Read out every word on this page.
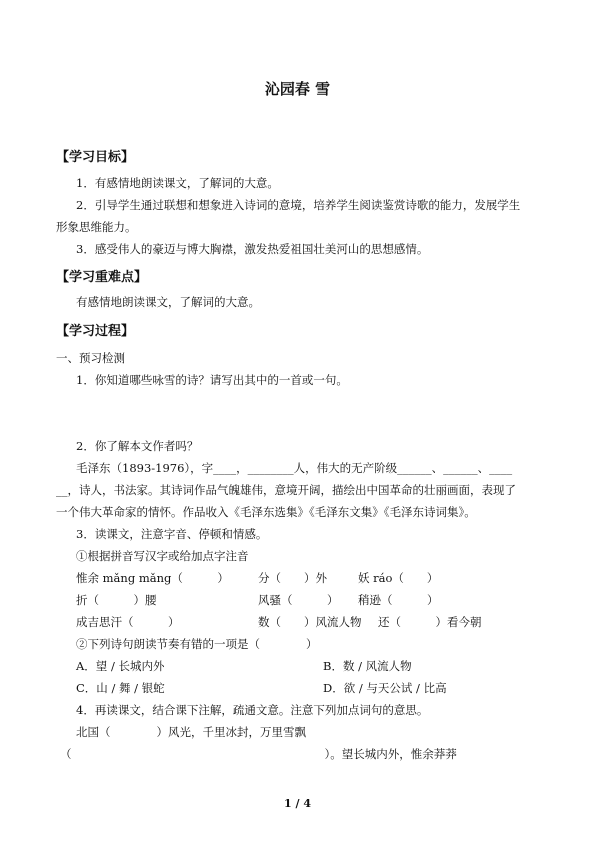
沁园春 雪
【学习目标】
1．有感情地朗读课文，了解词的大意。
2．引导学生通过联想和想象进入诗词的意境，培养学生阅读鉴赏诗歌的能力，发展学生
形象思维能力。
3．感受伟人的豪迈与博大胸襟，激发热爱祖国壮美河山的思想感情。
【学习重难点】
有感情地朗读课文，了解词的大意。
【学习过程】
一、预习检测
1．你知道哪些咏雪的诗？请写出其中的一首或一句。
2．你了解本文作者吗？
毛泽东（1893-1976），字____，________人，伟大的无产阶级______、______、____
__，诗人，书法家。其诗词作品气魄雄伟，意境开阔，描绘出中国革命的壮丽画面，表现了
一个伟大革命家的情怀。作品收入《毛泽东选集》《毛泽东文集》《毛泽东诗词集》。
3．读课文，注意字音、停顿和情感。
①根据拼音写汉字或给加点字注音
惟余 mǎng mǎng（　　　）	分（　　）外	妖 ráo（　　）
折（　　　）腰	风骚（　　　） 稍逊（　　　）
成吉思汗（　　　）	数（　　）风流人物 还（　　　）看今朝
②下列诗句朗读节奏有错的一项是（　　　　）
A．望 / 长城内外	B．数 / 风流人物
C．山 / 舞 / 银蛇	D．欲 / 与天公试 / 比高
4．再读课文，结合课下注解，疏通文意。注意下列加点词句的意思。
北国（　　　　）风光，千里冰封，万里雪飘
（　　　　　　　　　　　　　　　　　　　　　　）。望长城内外，惟余莽莽
1 / 4
